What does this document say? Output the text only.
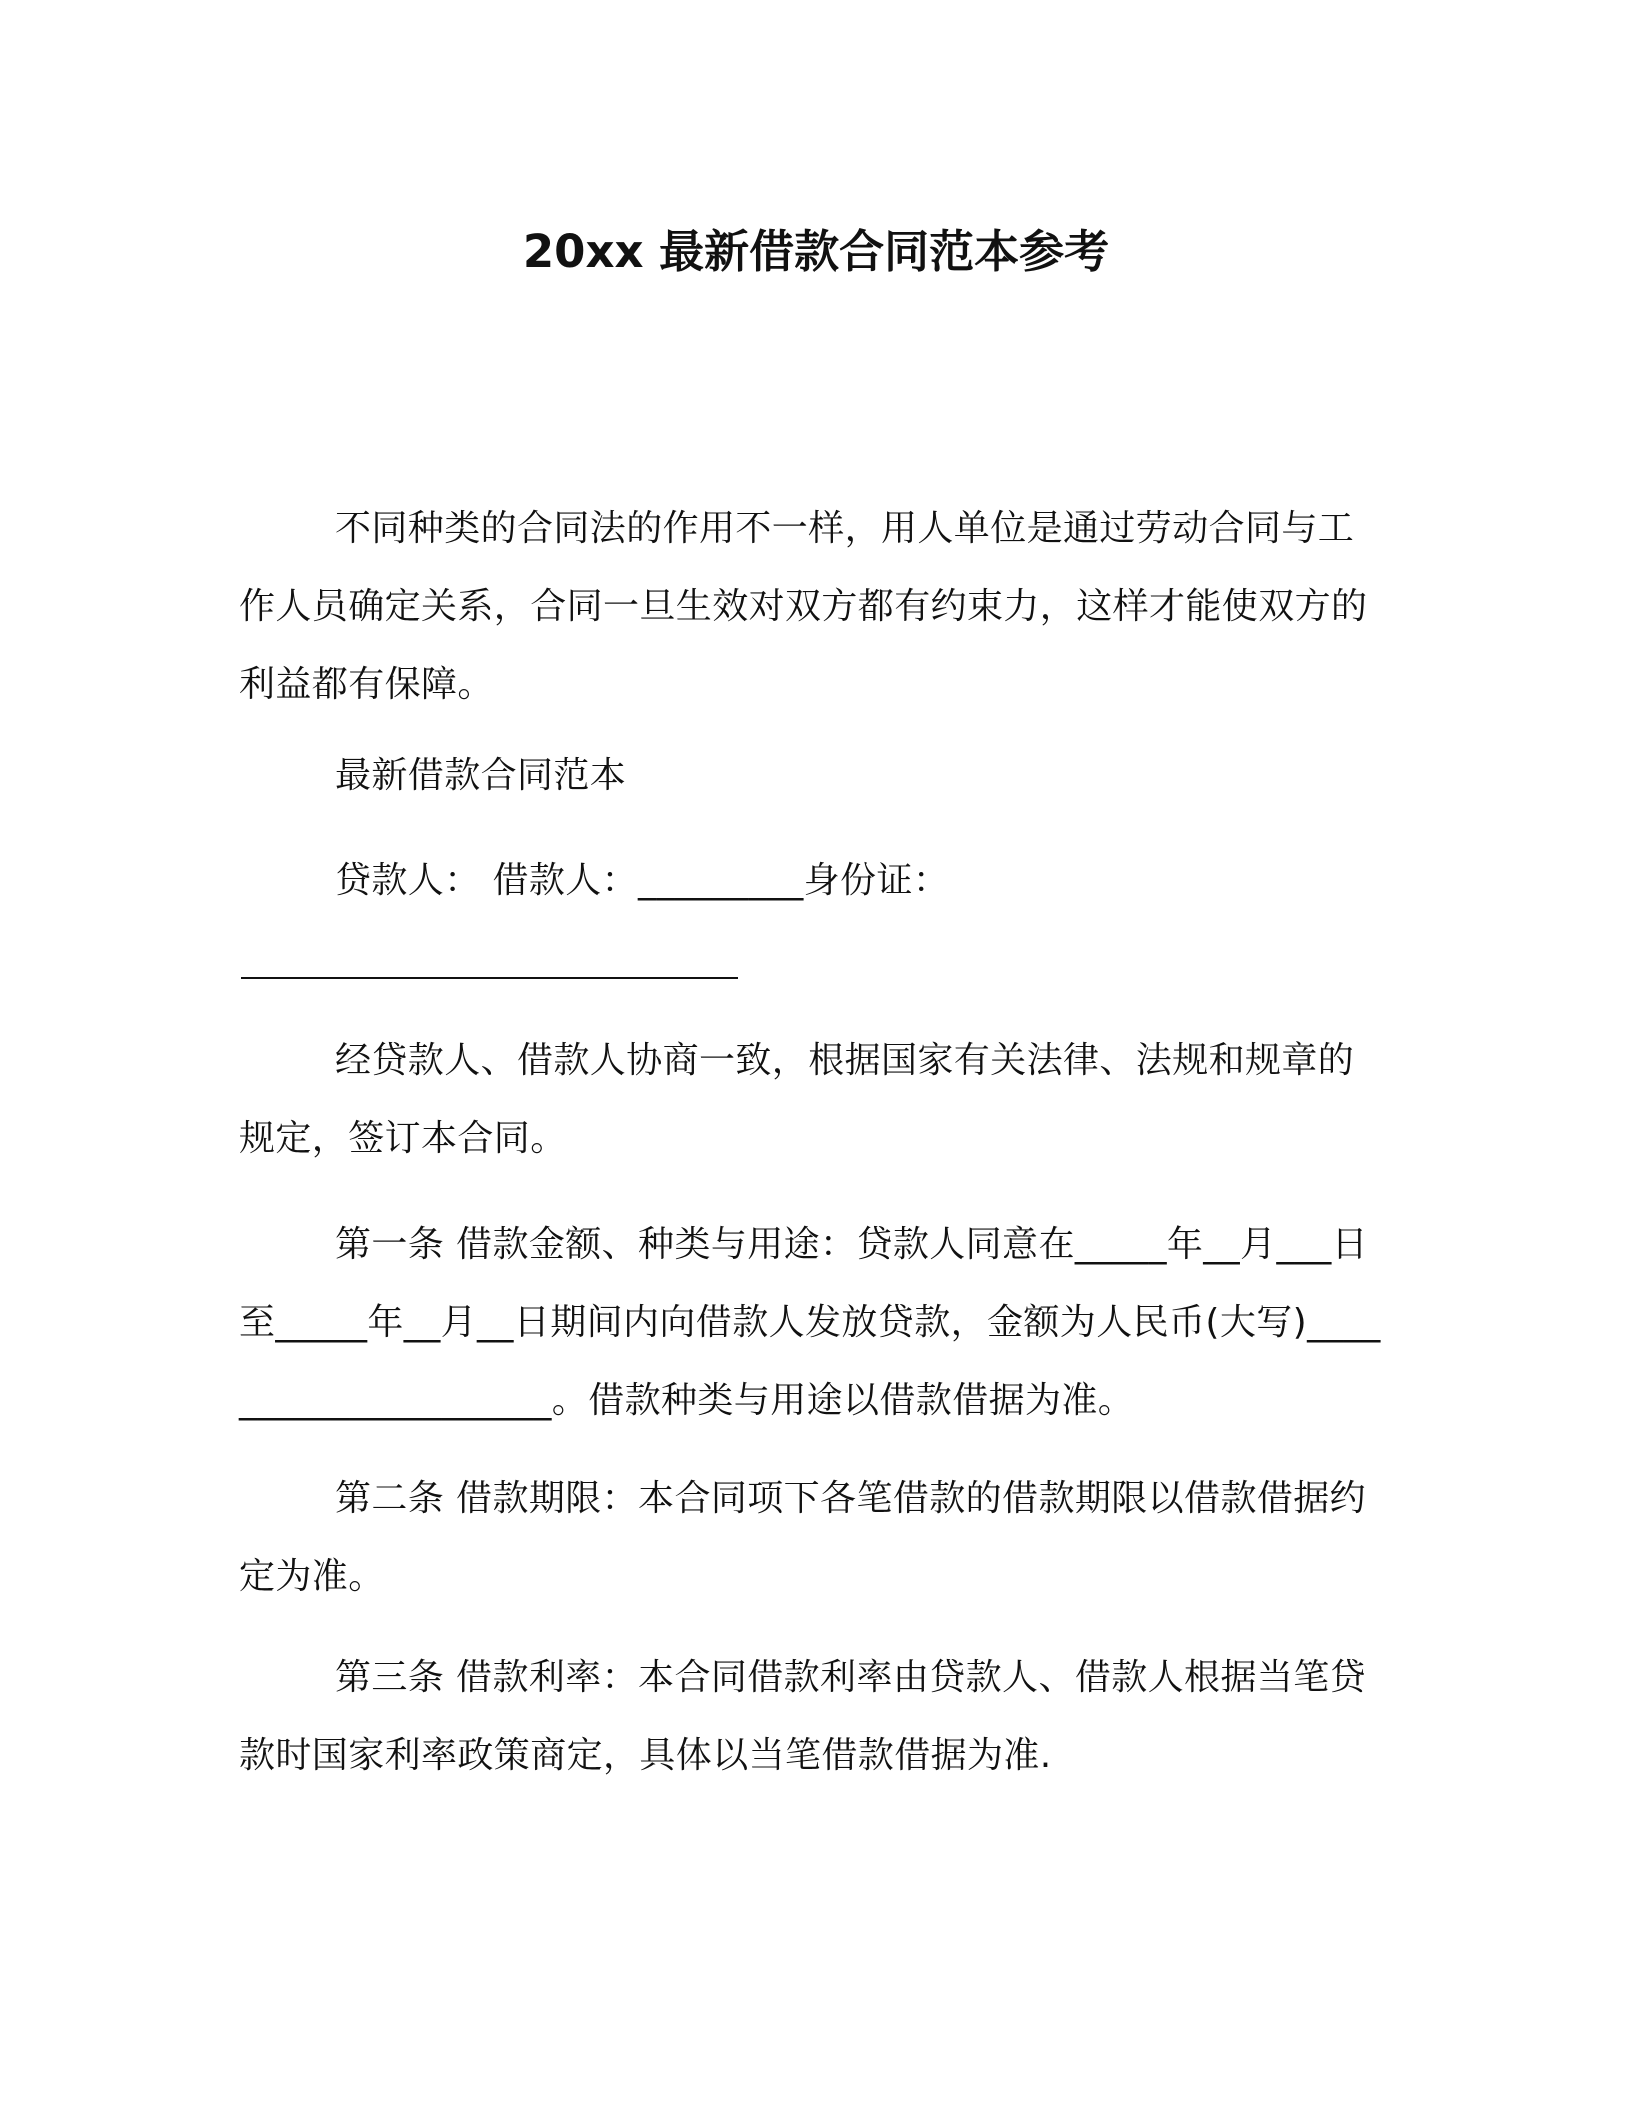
20xx 最新借款合同范本参考

不同种类的合同法的作用不一样，用人单位是通过劳动合同与工作人员确定关系，合同一旦生效对双方都有约束力，这样才能使双方的利益都有保障。

最新借款合同范本
贷款人： 借款人：_________身份证：

经贷款人、借款人协商一致，根据国家有关法律、法规和规章的规定，签订本合同。

第一条 借款金额、种类与用途：贷款人同意在_____年__月___日至_____年__月__日期间内向借款人发放贷款，金额为人民币(大写)_____________________。借款种类与用途以借款借据为准。

第二条 借款期限：本合同项下各笔借款的借款期限以借款借据约定为准。

第三条 借款利率：本合同借款利率由贷款人、借款人根据当笔贷款时国家利率政策商定，具体以当笔借款借据为准.
